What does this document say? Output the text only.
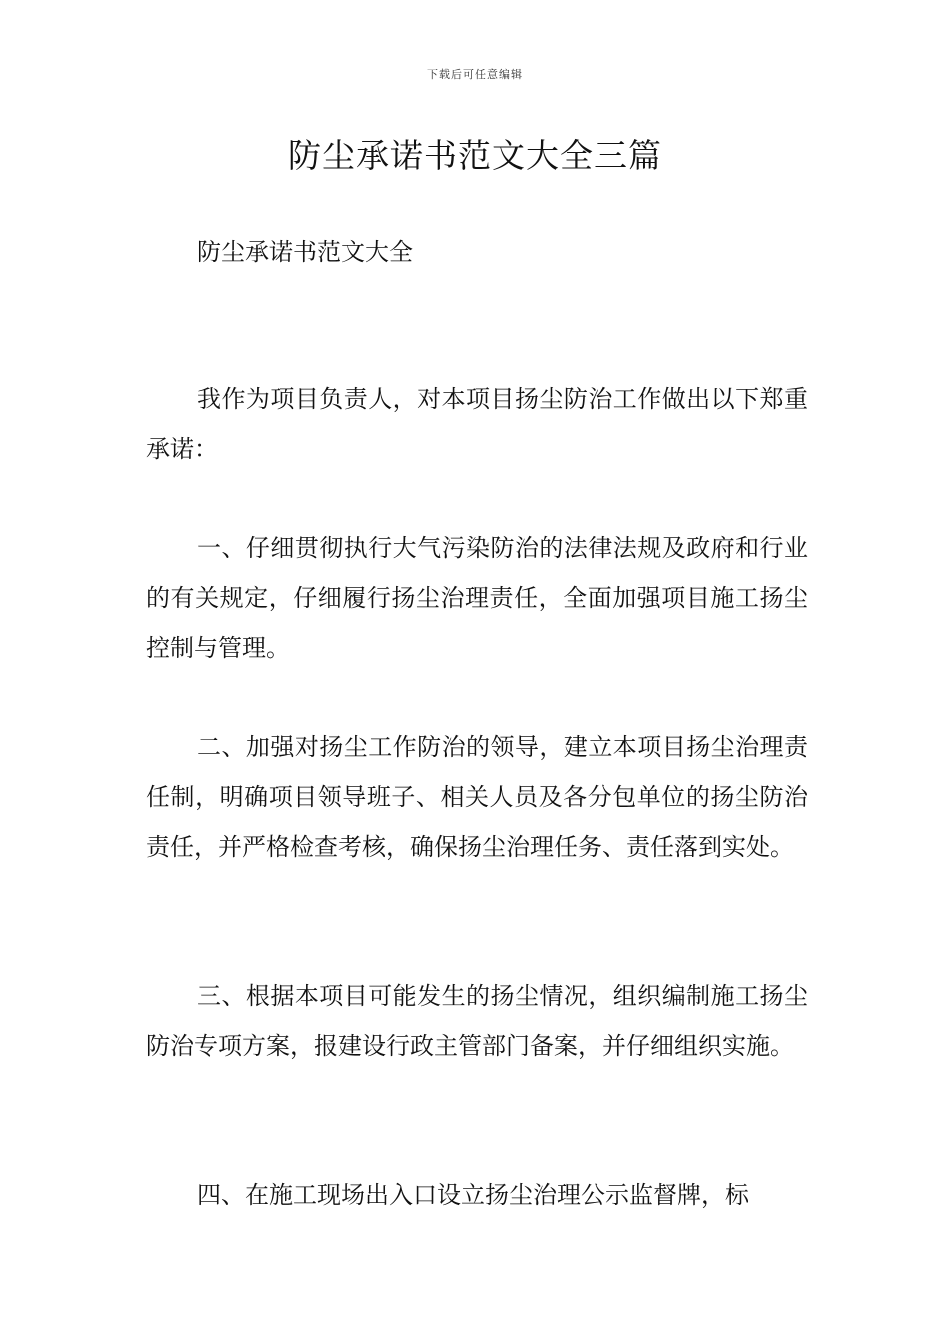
下载后可任意编辑
防尘承诺书范文大全三篇

防尘承诺书范文大全

我作为项目负责人，对本项目扬尘防治工作做出以下郑重承诺：

一、仔细贯彻执行大气污染防治的法律法规及政府和行业的有关规定，仔细履行扬尘治理责任，全面加强项目施工扬尘控制与管理。

二、加强对扬尘工作防治的领导，建立本项目扬尘治理责任制，明确项目领导班子、相关人员及各分包单位的扬尘防治责任，并严格检查考核，确保扬尘治理任务、责任落到实处。

三、根据本项目可能发生的扬尘情况，组织编制施工扬尘防治专项方案，报建设行政主管部门备案，并仔细组织实施。

四、在施工现场出入口设立扬尘治理公示监督牌，标
